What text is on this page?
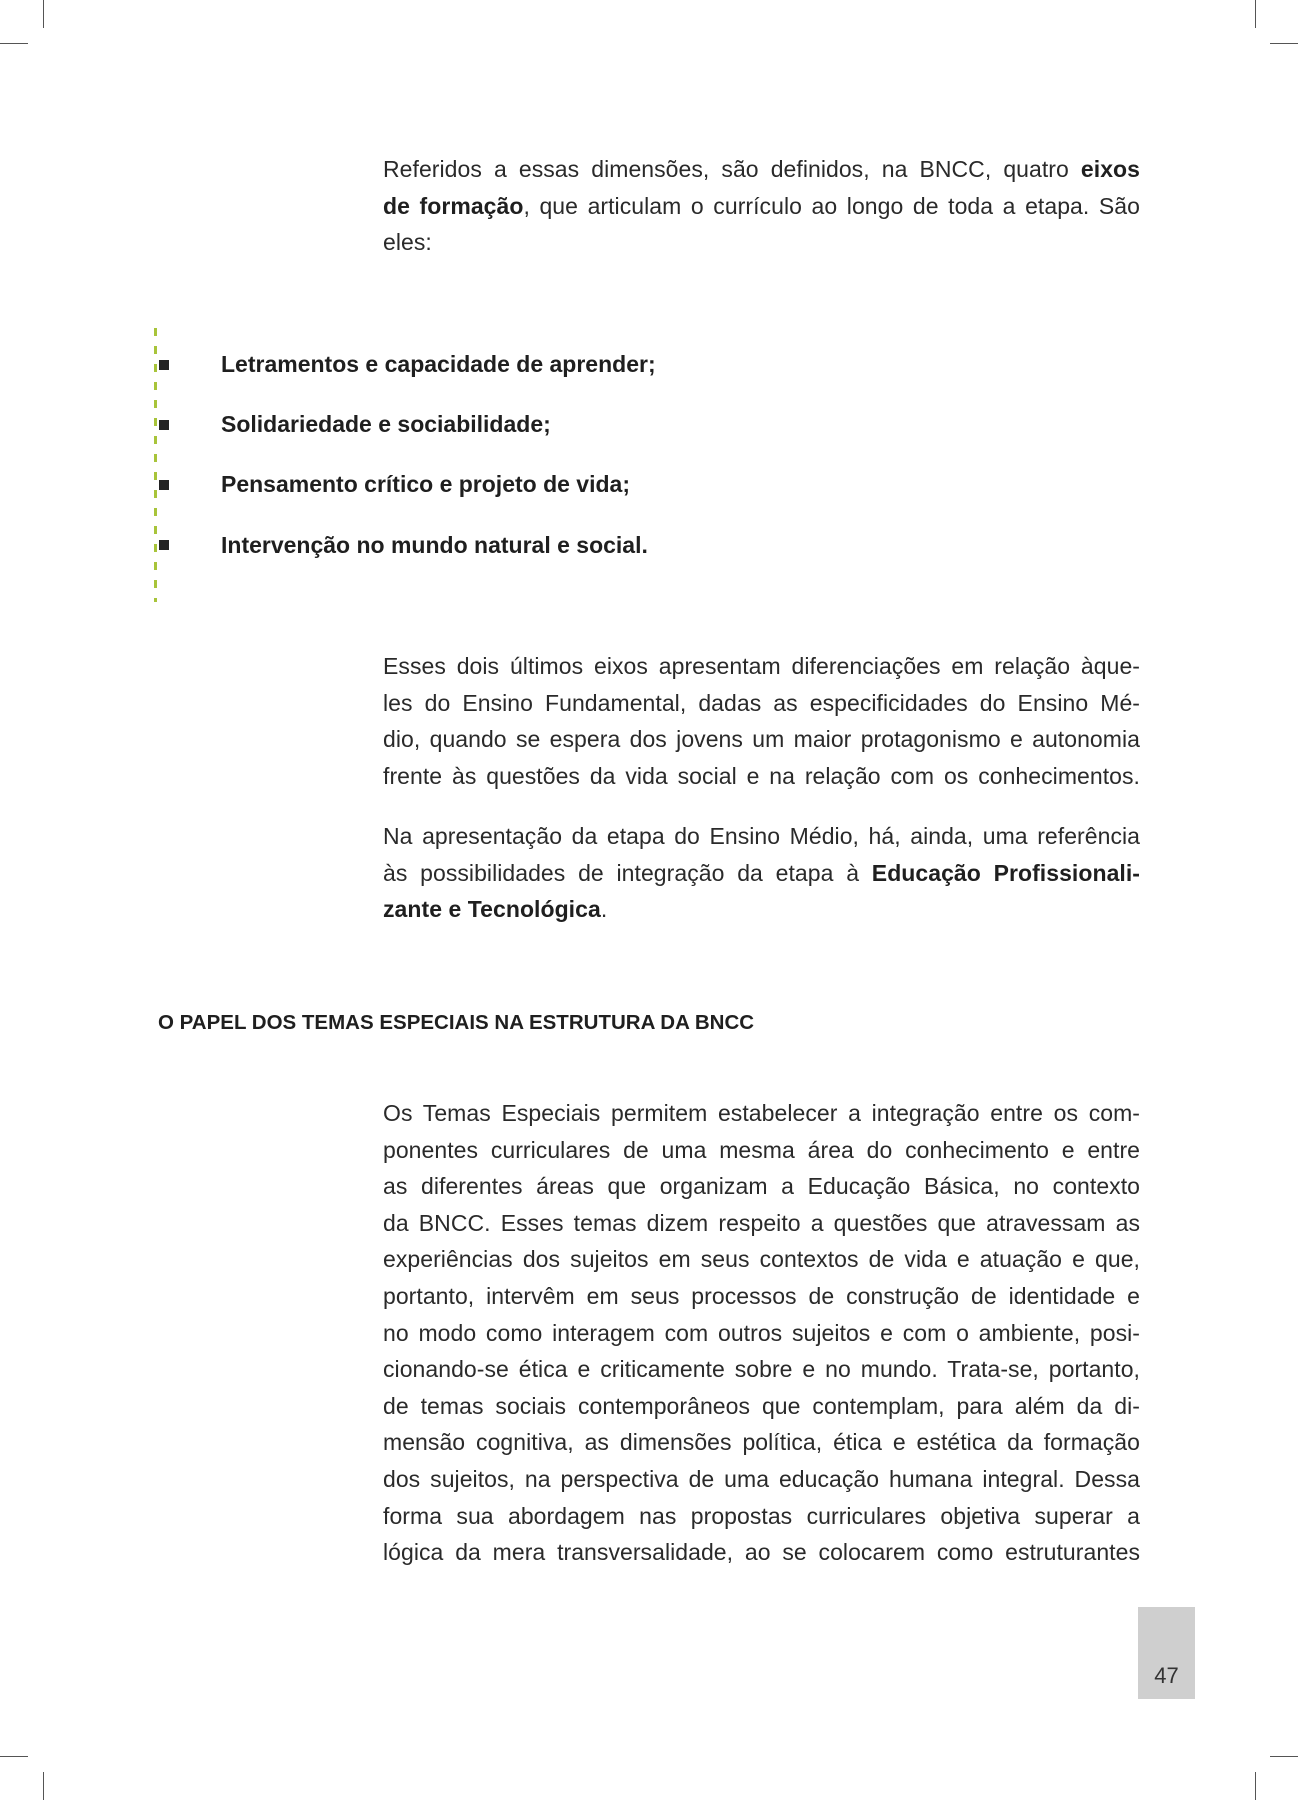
Referidos a essas dimensões, são definidos, na BNCC, quatro eixos
de formação, que articulam o currículo ao longo de toda a etapa. São
eles:
Letramentos e capacidade de aprender;
Solidariedade e sociabilidade;
Pensamento crítico e projeto de vida;
Intervenção no mundo natural e social.
Esses dois últimos eixos apresentam diferenciações em relação àque-
les do Ensino Fundamental, dadas as especificidades do Ensino Mé-
dio, quando se espera dos jovens um maior protagonismo e autonomia
frente às questões da vida social e na relação com os conhecimentos.
Na apresentação da etapa do Ensino Médio, há, ainda, uma referência
às possibilidades de integração da etapa à Educação Profissionali-
zante e Tecnológica.
O PAPEL DOS TEMAS ESPECIAIS NA ESTRUTURA DA BNCC
Os Temas Especiais permitem estabelecer a integração entre os com-
ponentes curriculares de uma mesma área do conhecimento e entre
as diferentes áreas que organizam a Educação Básica, no contexto
da BNCC. Esses temas dizem respeito a questões que atravessam as
experiências dos sujeitos em seus contextos de vida e atuação e que,
portanto, intervêm em seus processos de construção de identidade e
no modo como interagem com outros sujeitos e com o ambiente, posi-
cionando-se ética e criticamente sobre e no mundo. Trata-se, portanto,
de temas sociais contemporâneos que contemplam, para além da di-
mensão cognitiva, as dimensões política, ética e estética da formação
dos sujeitos, na perspectiva de uma educação humana integral. Dessa
forma sua abordagem nas propostas curriculares objetiva superar a
lógica da mera transversalidade, ao se colocarem como estruturantes
47
